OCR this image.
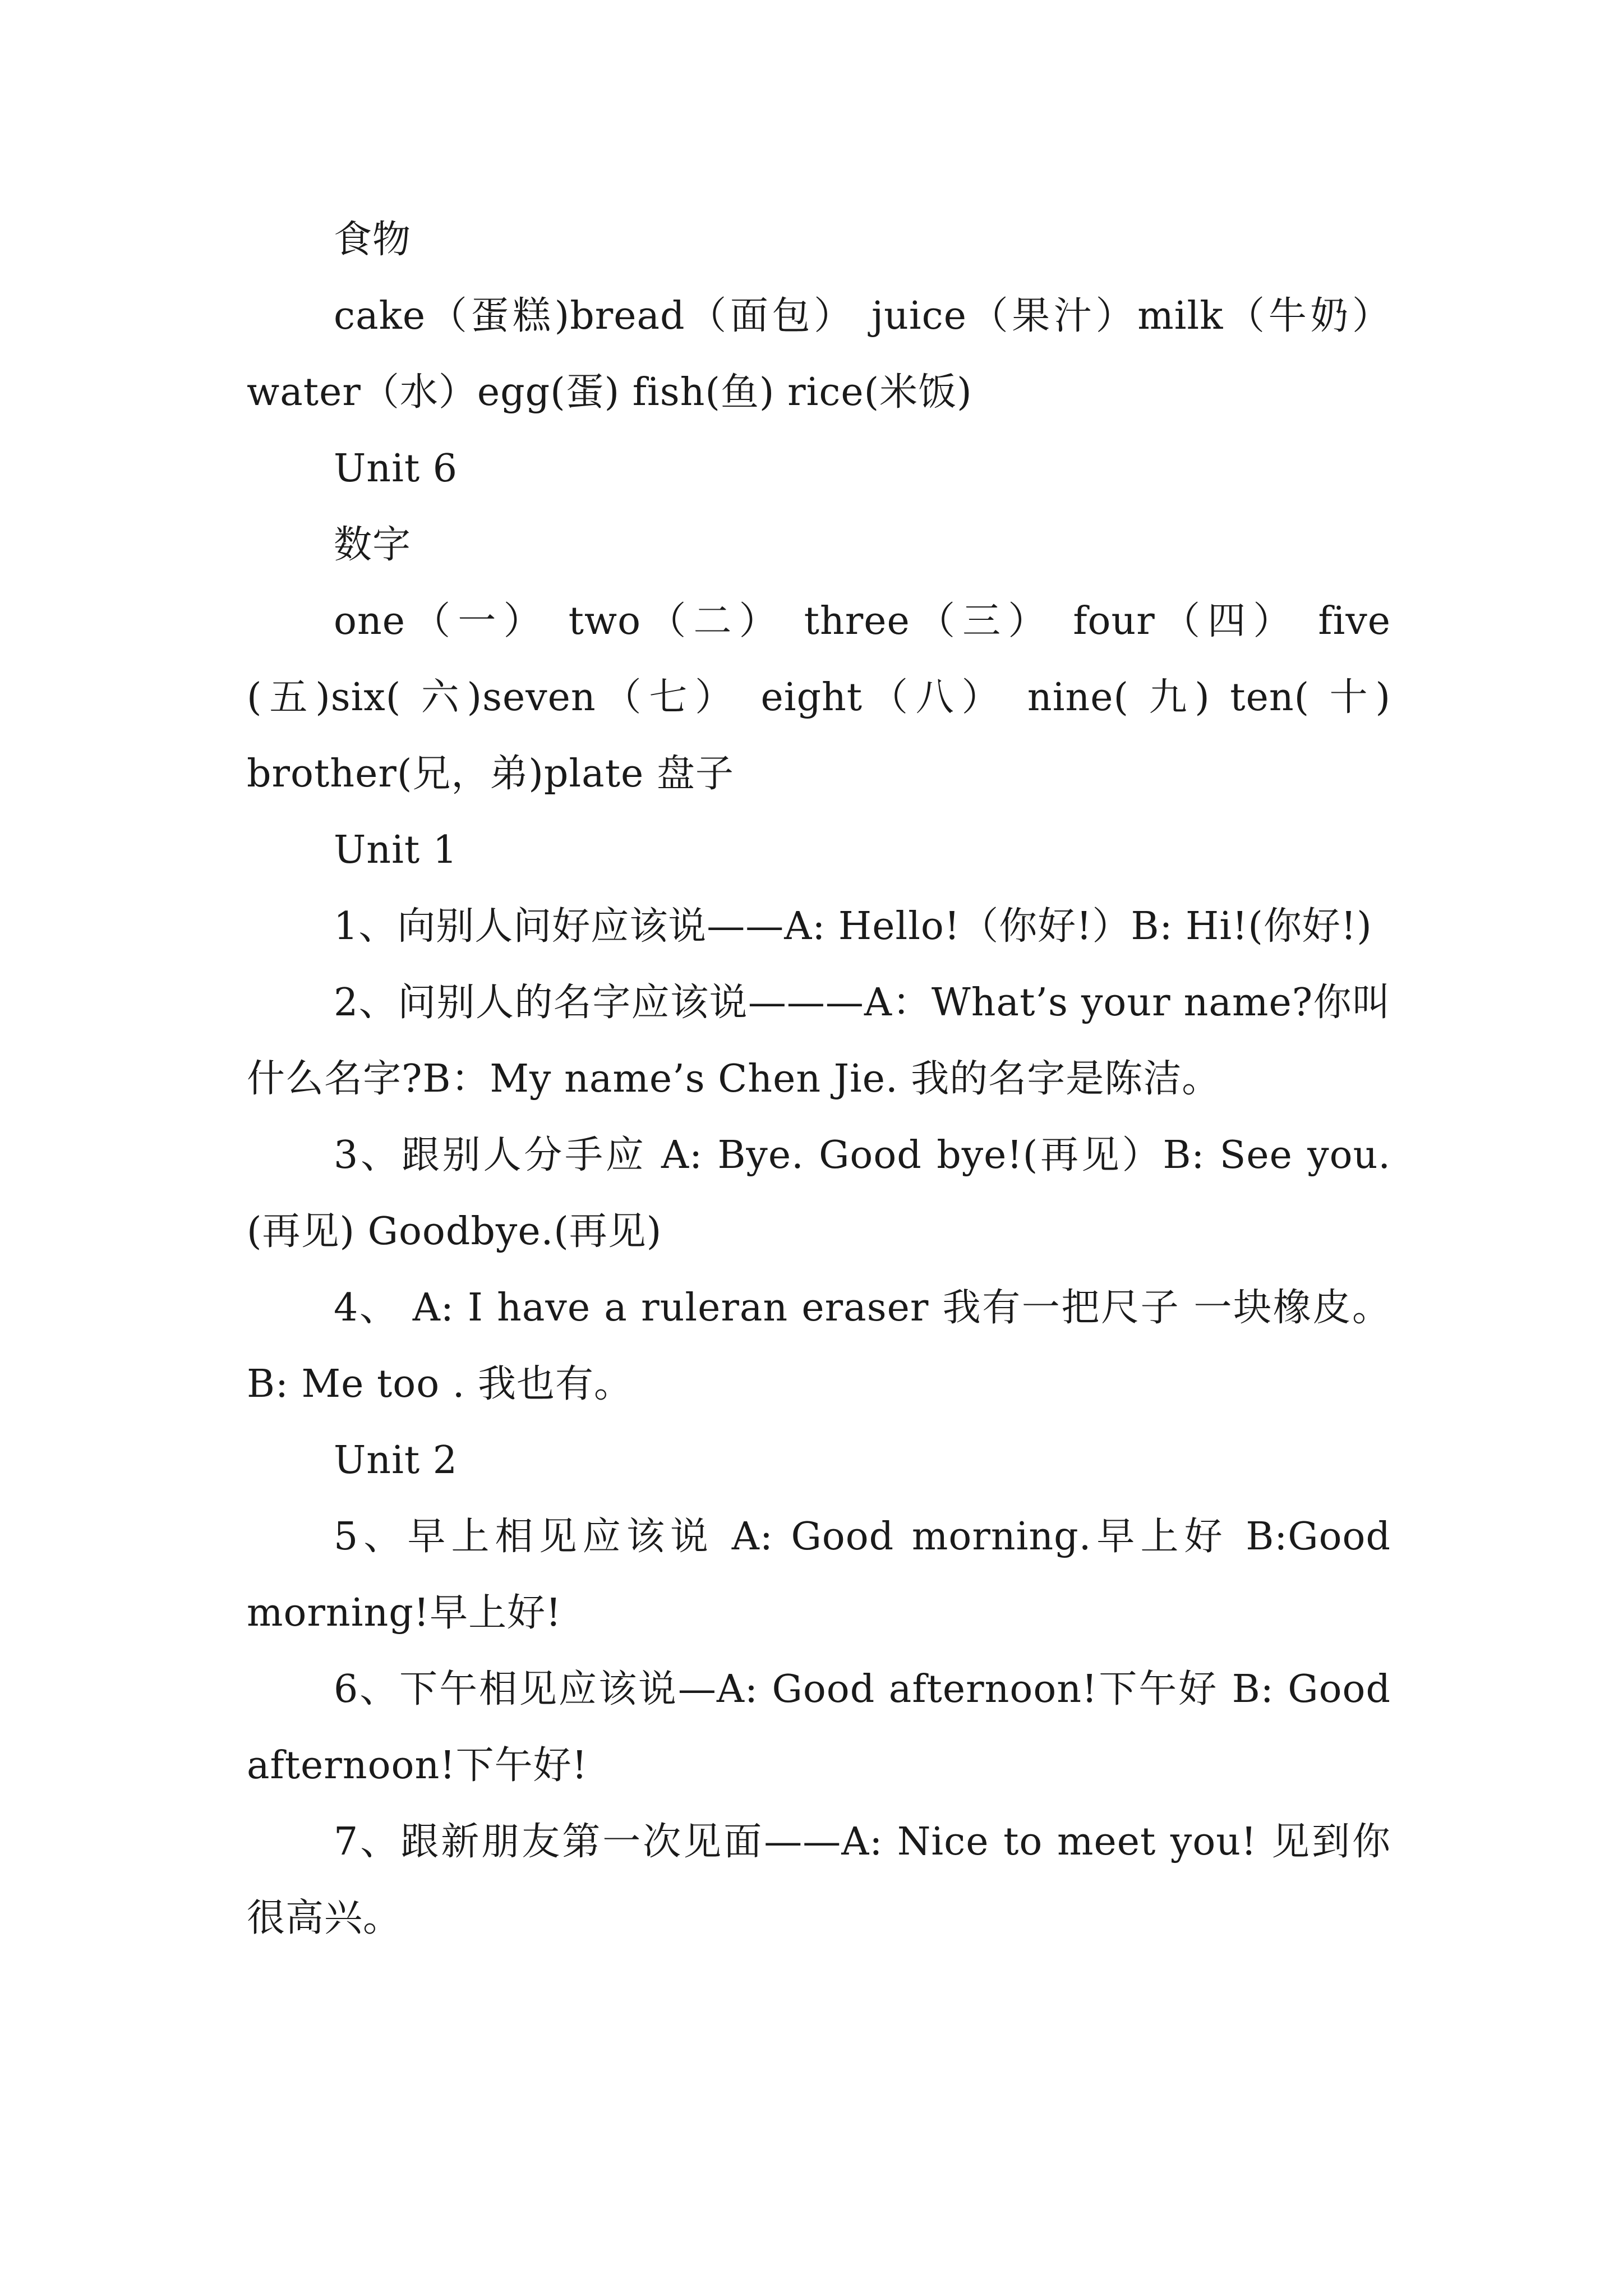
食物

cake（蛋糕)bread（面包） juice（果汁）milk（牛奶）water（水）egg(蛋) fish(鱼) rice(米饭)

Unit 6

数字

one（一） two（二） three（三） four（四） five (五)six( 六)seven（七） eight（八） nine( 九) ten( 十) brother(兄，弟)plate 盘子

Unit 1

1、向别人问好应该说——A: Hello!（你好!）B: Hi!(你好!)

2、问别人的名字应该说———A：What’s your name?你叫什么名字?B：My name’s Chen Jie. 我的名字是陈洁。

3、跟别人分手应 A: Bye. Good bye!(再见）B: See you.(再见) Goodbye.(再见)

4、 A: I have a ruleran eraser 我有一把尺子 一块橡皮。B: Me too . 我也有。

Unit 2

5、早上相见应该说 A: Good morning.早上好 B:Good morning!早上好!

6、下午相见应该说—A: Good afternoon!下午好 B: Good afternoon!下午好!

7、跟新朋友第一次见面——A: Nice to meet you! 见到你很高兴。
